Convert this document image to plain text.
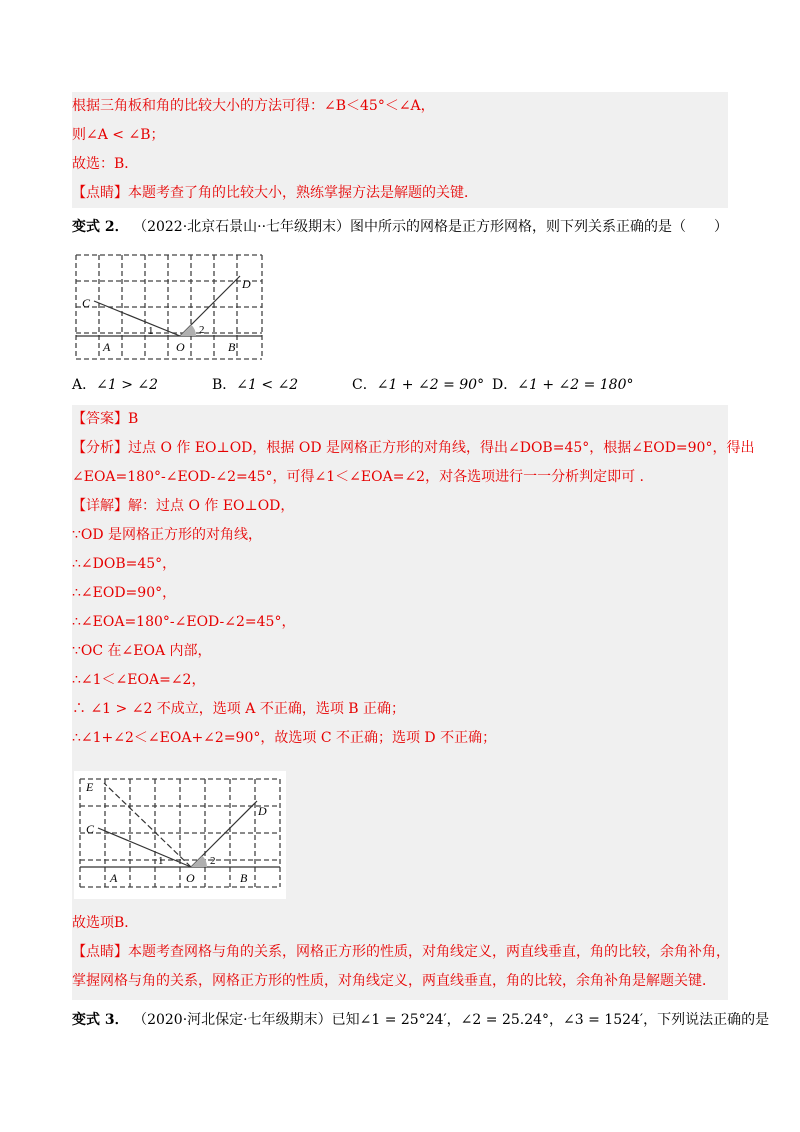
根据三角板和角的比较大小的方法可得：∠B＜45°＜∠A，
则∠A < ∠B；
故选：B．
【点睛】本题考查了角的比较大小，熟练掌握方法是解题的关键．
变式 2． （2022·北京石景山··七年级期末）图中所示的网格是正方形网格，则下列关系正确的是（　　）
C
D
A	O	B
1	2
A．∠1 > ∠2	B．∠1 < ∠2	C．∠1 + ∠2 = 90° D．∠1 + ∠2 = 180°
【答案】B
【分析】过点 O 作 EO⊥OD，根据 OD 是网格正方形的对角线，得出∠DOB=45°，根据∠EOD=90°，得出
∠EOA=180°-∠EOD-∠2=45°，可得∠1＜∠EOA=∠2，对各选项进行一一分析判定即可 .
【详解】解：过点 O 作 EO⊥OD，
∵OD 是网格正方形的对角线，
∴∠DOB=45°，
∴∠EOD=90°，
∴∠EOA=180°-∠EOD-∠2=45°，
∵OC 在∠EOA 内部，
∴∠1＜∠EOA=∠2，
∴ ∠1 > ∠2 不成立，选项 A 不正确，选项 B 正确；
∴∠1+∠2＜∠EOA+∠2=90°，故选项 C 不正确；选项 D 不正确；
E
C
D
A	O	B
1	2
故选项B．
【点睛】本题考查网格与角的关系，网格正方形的性质，对角线定义，两直线垂直，角的比较，余角补角，
掌握网格与角的关系，网格正方形的性质，对角线定义，两直线垂直，角的比较，余角补角是解题关键．
变式 3． （2020·河北保定·七年级期末）已知∠1 = 25°24′，∠2 = 25.24°，∠3 = 1524′，下列说法正确的是
